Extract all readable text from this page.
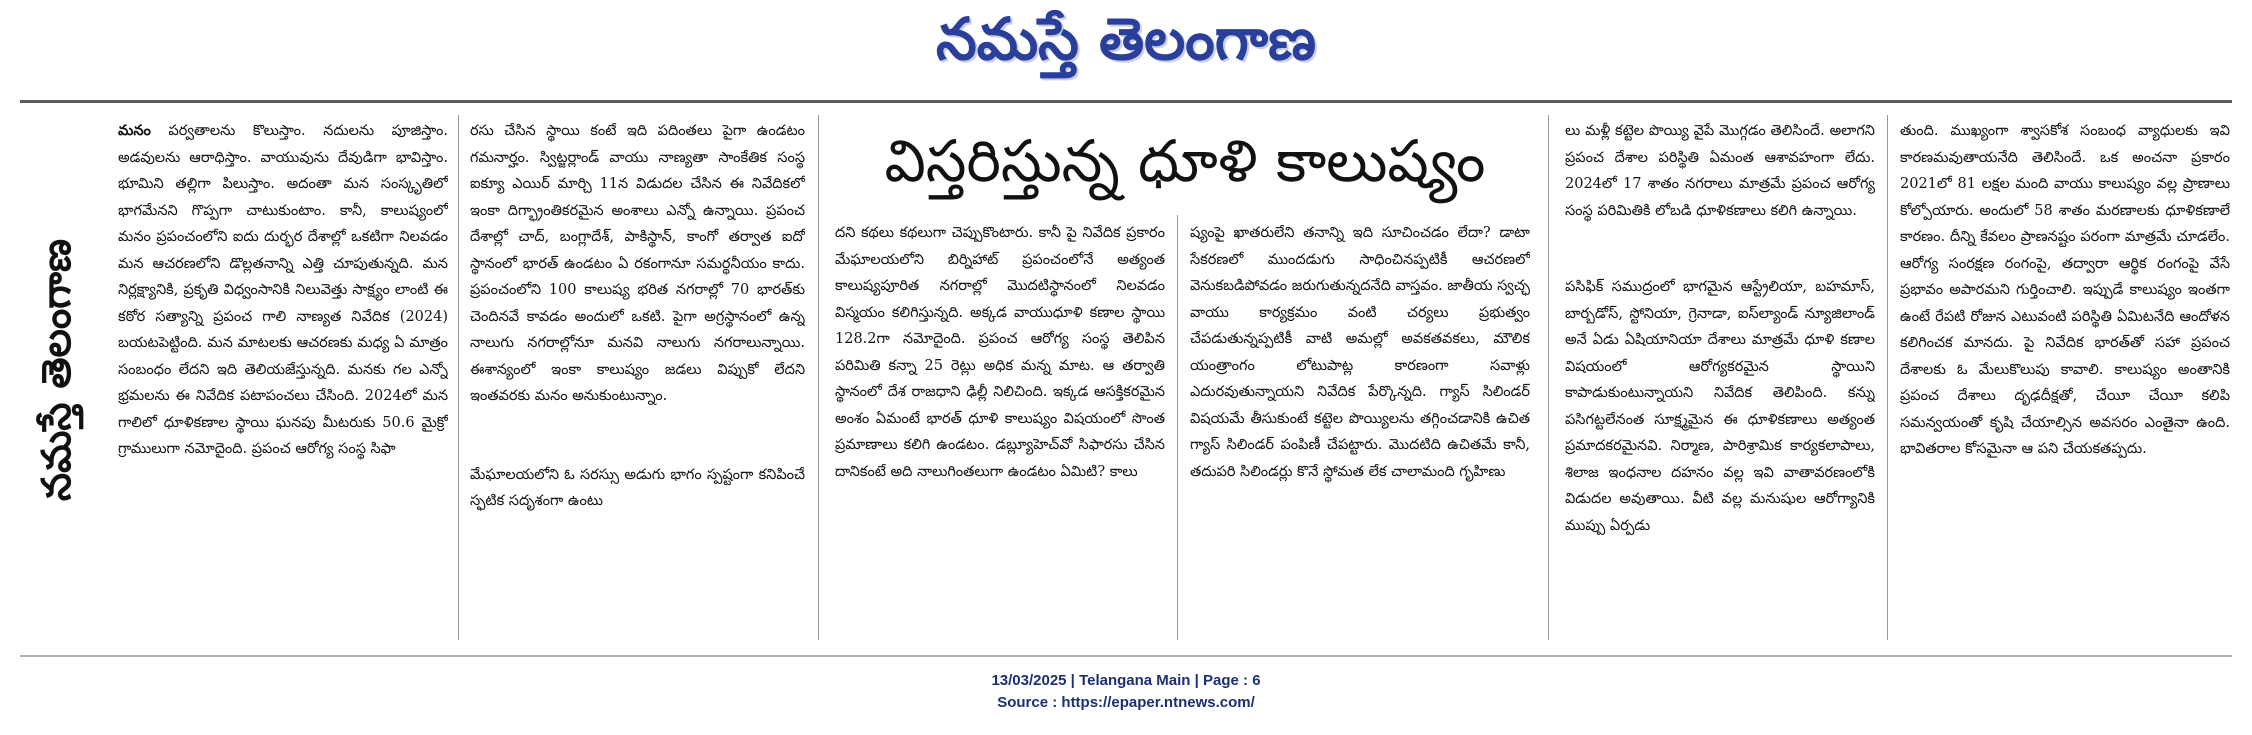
నమస్తే తెలంగాణ
నమస్తే తెలంగాణ

మనం పర్వతాలను కొలుస్తాం. నదులను పూజిస్తాం. అడవులను ఆరాధిస్తాం. వాయువును దేవుడిగా భావిస్తాం. భూమిని తల్లిగా పిలుస్తాం. అదంతా మన సంస్కృతిలో భాగమేనని గొప్పగా చాటుకుంటాం. కానీ, కాలుష్యంలో మనం ప్రపంచంలోని ఐదు దుర్భర దేశాల్లో ఒకటిగా నిలవడం మన ఆచరణలోని డొల్లతనాన్ని ఎత్తి చూపుతున్నది. మన నిర్లక్ష్యానికి, ప్రకృతి విధ్వంసానికి నిలువెత్తు సాక్ష్యం లాంటి ఈ కఠోర సత్యాన్ని ప్రపంచ గాలి నాణ్యత నివేదిక (2024) బయటపెట్టింది. మన మాటలకు ఆచరణకు మధ్య ఏ మాత్రం సంబంధం లేదని ఇది తెలియజేస్తున్నది. మనకు గల ఎన్నో భ్రమలను ఈ నివేదిక పటాపంచలు చేసింది. 2024లో మన గాలిలో ధూళికణాల స్థాయి ఘనపు మీటరుకు 50.6 మైక్రో గ్రాములుగా నమోదైంది. ప్రపంచ ఆరోగ్య సంస్థ సిఫా

రసు చేసిన స్థాయి కంటే ఇది పదింతలు పైగా ఉండటం గమనార్హం. స్విట్జర్లాండ్ వాయు నాణ్యతా సాంకేతిక సంస్థ ఐక్యూ ఎయిర్ మార్చి 11న విడుదల చేసిన ఈ నివేదికలో ఇంకా దిగ్భ్రాంతికరమైన అంశాలు ఎన్నో ఉన్నాయి. ప్రపంచ దేశాల్లో చాద్, బంగ్లాదేశ్, పాకిస్థాన్, కాంగో తర్వాత ఐదో స్థానంలో భారత్ ఉండటం ఏ రకంగానూ సమర్థనీయం కాదు. ప్రపంచంలోని 100 కాలుష్య భరిత నగరాల్లో 70 భారత్‌కు చెందినవే కావడం అందులో ఒకటి. పైగా అగ్రస్థానంలో ఉన్న నాలుగు నగరాల్లోనూ మనవి నాలుగు నగరాలున్నాయి. ఈశాన్యంలో ఇంకా కాలుష్యం జడలు విప్పుకో లేదని ఇంతవరకు మనం అనుకుంటున్నాం.

మేఘాలయలోని ఓ సరస్సు అడుగు భాగం స్పష్టంగా కనిపించే స్ఫటిక సదృశంగా ఉంటు

విస్తరిస్తున్న ధూళి కాలుష్యం

దని కథలు కథలుగా చెప్పుకొంటారు. కానీ పై నివేదిక ప్రకారం మేఘాలయలోని బిర్నిహాట్ ప్రపంచంలోనే అత్యంత కాలుష్యపూరిత నగరాల్లో మొదటిస్థానంలో నిలవడం విస్మయం కలిగిస్తున్నది. అక్కడ వాయుధూళి కణాల స్థాయి 128.2గా నమోదైంది. ప్రపంచ ఆరోగ్య సంస్థ తెలిపిన పరిమితి కన్నా 25 రెట్లు అధిక మన్న మాట. ఆ తర్వాతి స్థానంలో దేశ రాజధాని ఢిల్లీ నిలిచింది. ఇక్కడ ఆసక్తికరమైన అంశం ఏమంటే భారత్ ధూళి కాలుష్యం విషయంలో సొంత ప్రమాణాలు కలిగి ఉండటం. డబ్ల్యూహెచ్‌వో సిఫారసు చేసిన దానికంటే అది నాలుగింతలుగా ఉండటం ఏమిటి? కాలు

ష్యంపై ఖాతరులేని తనాన్ని ఇది సూచించడం లేదా? డాటా సేకరణలో ముందడుగు సాధించినప్పటికీ ఆచరణలో వెనుకబడిపోవడం జరుగుతున్నదనేది వాస్తవం. జాతీయ స్వచ్ఛ వాయు కార్యక్రమం వంటి చర్యలు ప్రభుత్వం చేపడుతున్నప్పటికీ వాటి అమల్లో అవకతవకలు, మౌలిక యంత్రాంగం లోటుపాట్ల కారణంగా సవాళ్లు ఎదురవుతున్నాయని నివేదిక పేర్కొన్నది. గ్యాస్ సిలిండర్ విషయమే తీసుకుంటే కట్టెల పొయ్యిలను తగ్గించడానికి ఉచిత గ్యాస్ సిలిండర్ పంపిణీ చేపట్టారు. మొదటిది ఉచితమే కానీ, తదుపరి సిలిండర్లు కొనే స్థోమత లేక చాలామంది గృహిణు

లు మళ్లీ కట్టెల పొయ్యి వైపే మొగ్గడం తెలిసిందే. అలాగని ప్రపంచ దేశాల పరిస్థితి ఏమంత ఆశావహంగా లేదు. 2024లో 17 శాతం నగరాలు మాత్రమే ప్రపంచ ఆరోగ్య సంస్థ పరిమితికి లోబడి ధూళికణాలు కలిగి ఉన్నాయి.

పసిఫిక్ సముద్రంలో భాగమైన ఆస్ట్రేలియా, బహమాస్, బార్బడోస్, స్టోనియా, గ్రెనాడా, ఐస్‌ల్యాండ్ న్యూజిలాండ్ అనే ఏడు ఏషియానియా దేశాలు మాత్రమే ధూళి కణాల విషయంలో ఆరోగ్యకరమైన స్థాయిని కాపాడుకుంటున్నాయని నివేదిక తెలిపింది. కన్ను పసిగట్టలేనంత సూక్ష్మమైన ఈ ధూళికణాలు అత్యంత ప్రమాదకరమైనవి. నిర్మాణ, పారిశ్రామిక కార్యకలాపాలు, శిలాజ ఇంధనాల దహనం వల్ల ఇవి వాతావరణంలోకి విడుదల అవుతాయి. వీటి వల్ల మనుషుల ఆరోగ్యానికి ముప్పు ఏర్పడు

తుంది. ముఖ్యంగా శ్వాసకోశ సంబంధ వ్యాధులకు ఇవి కారణమవుతాయనేది తెలిసిందే. ఒక అంచనా ప్రకారం 2021లో 81 లక్షల మంది వాయు కాలుష్యం వల్ల ప్రాణాలు కోల్పోయారు. అందులో 58 శాతం మరణాలకు ధూళికణాలే కారణం. దీన్ని కేవలం ప్రాణనష్టం పరంగా మాత్రమే చూడలేం. ఆరోగ్య సంరక్షణ రంగంపై, తద్వారా ఆర్థిక రంగంపై వేసే ప్రభావం అపారమని గుర్తించాలి. ఇప్పుడే కాలుష్యం ఇంతగా ఉంటే రేపటి రోజున ఎటువంటి పరిస్థితి ఏమిటనేది ఆందోళన కలిగించక మానదు. పై నివేదిక భారత్‌తో సహా ప్రపంచ దేశాలకు ఓ మేలుకొలుపు కావాలి. కాలుష్యం అంతానికి ప్రపంచ దేశాలు దృఢదీక్షతో, చేయీ చేయీ కలిపి సమన్వయంతో కృషి చేయాల్సిన అవసరం ఎంతైనా ఉంది. భావితరాల కోసమైనా ఆ పని చేయకతప్పదు.

13/03/2025 | Telangana Main | Page : 6
Source : https://epaper.ntnews.com/
